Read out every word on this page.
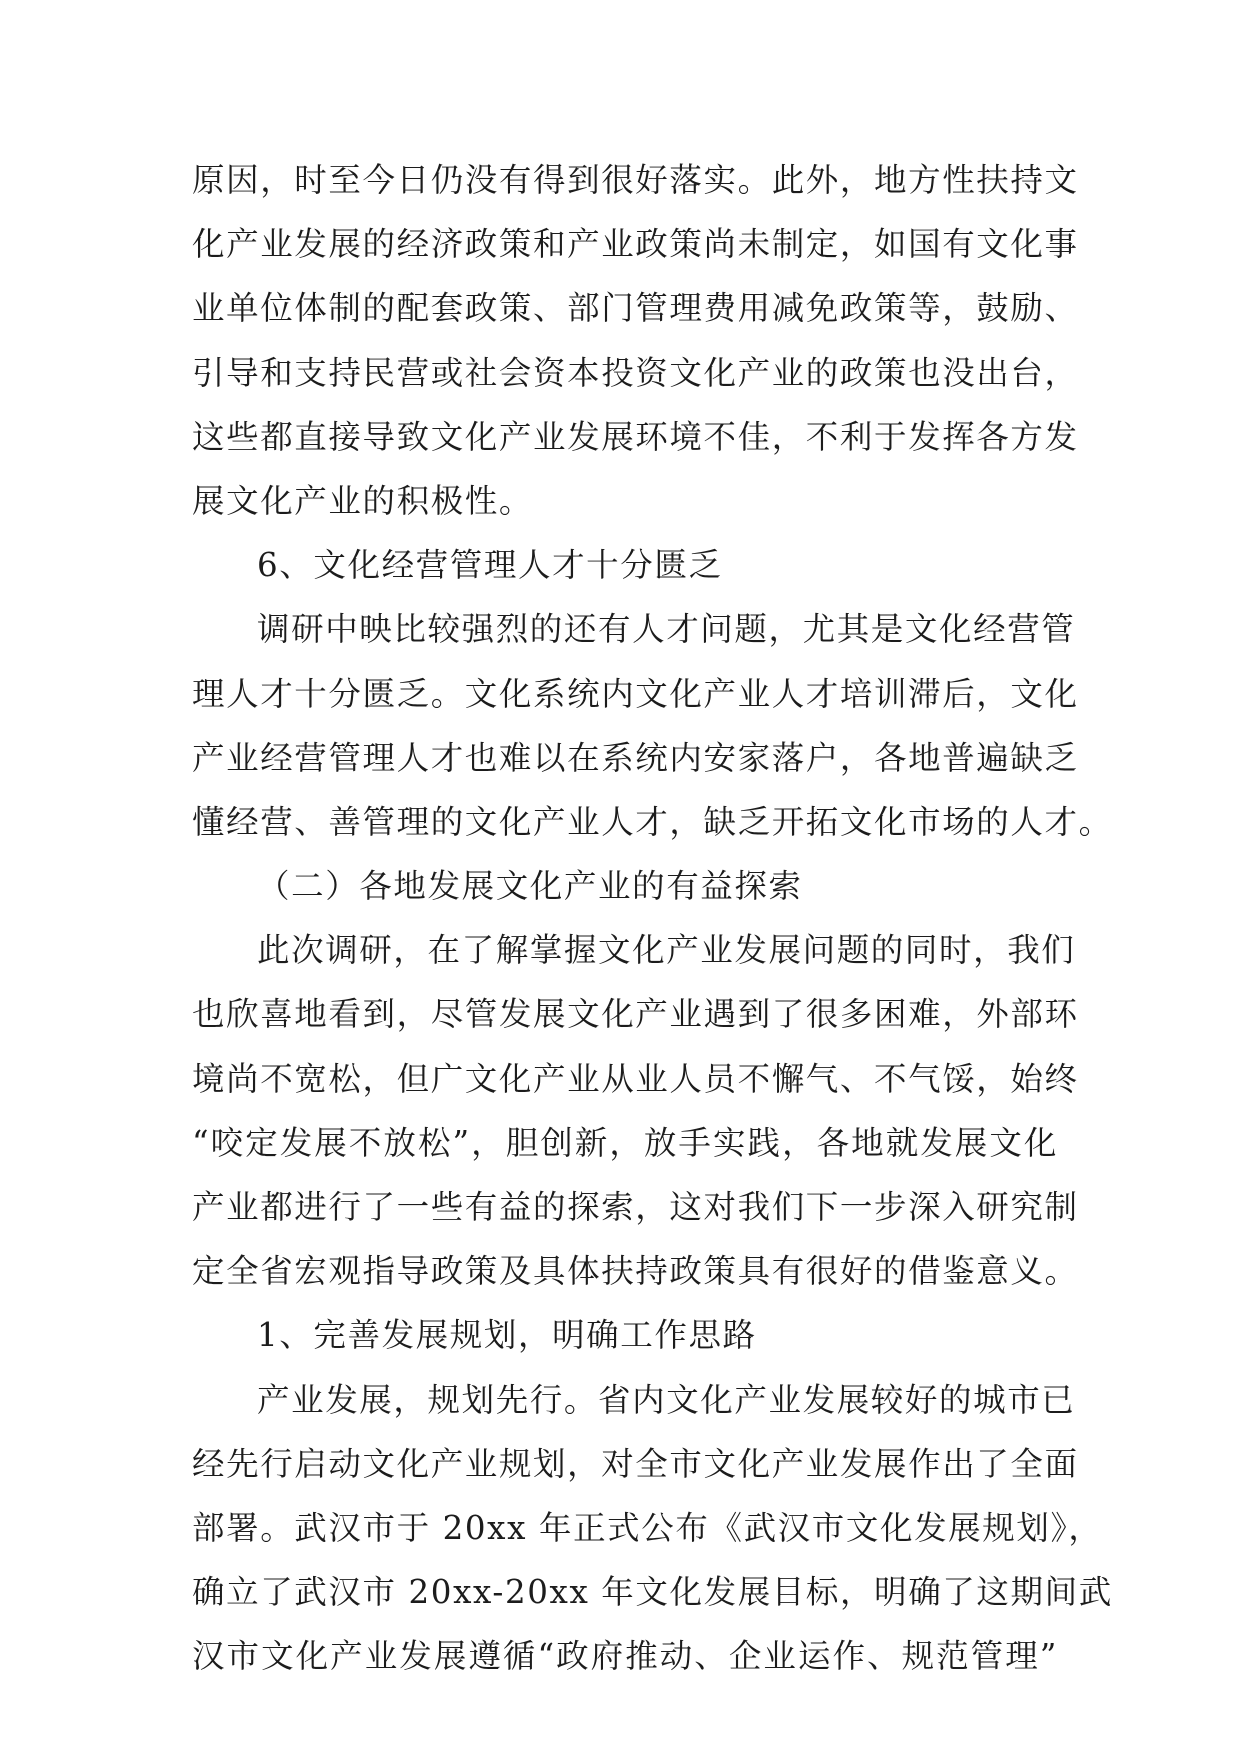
原因，时至今日仍没有得到很好落实。此外，地方性扶持文
化产业发展的经济政策和产业政策尚未制定，如国有文化事
业单位体制的配套政策、部门管理费用减免政策等，鼓励、
引导和支持民营或社会资本投资文化产业的政策也没出台，
这些都直接导致文化产业发展环境不佳，不利于发挥各方发
展文化产业的积极性。
6、文化经营管理人才十分匮乏
调研中映比较强烈的还有人才问题，尤其是文化经营管
理人才十分匮乏。文化系统内文化产业人才培训滞后，文化
产业经营管理人才也难以在系统内安家落户，各地普遍缺乏
懂经营、善管理的文化产业人才，缺乏开拓文化市场的人才。
（二）各地发展文化产业的有益探索
此次调研，在了解掌握文化产业发展问题的同时，我们
也欣喜地看到，尽管发展文化产业遇到了很多困难，外部环
境尚不宽松，但广文化产业从业人员不懈气、不气馁，始终
“咬定发展不放松”，胆创新，放手实践，各地就发展文化
产业都进行了一些有益的探索，这对我们下一步深入研究制
定全省宏观指导政策及具体扶持政策具有很好的借鉴意义。
1、完善发展规划，明确工作思路
产业发展，规划先行。省内文化产业发展较好的城市已
经先行启动文化产业规划，对全市文化产业发展作出了全面
部署。武汉市于 20xx 年正式公布《武汉市文化发展规划》，
确立了武汉市 20xx-20xx 年文化发展目标，明确了这期间武
汉市文化产业发展遵循“政府推动、企业运作、规范管理”
